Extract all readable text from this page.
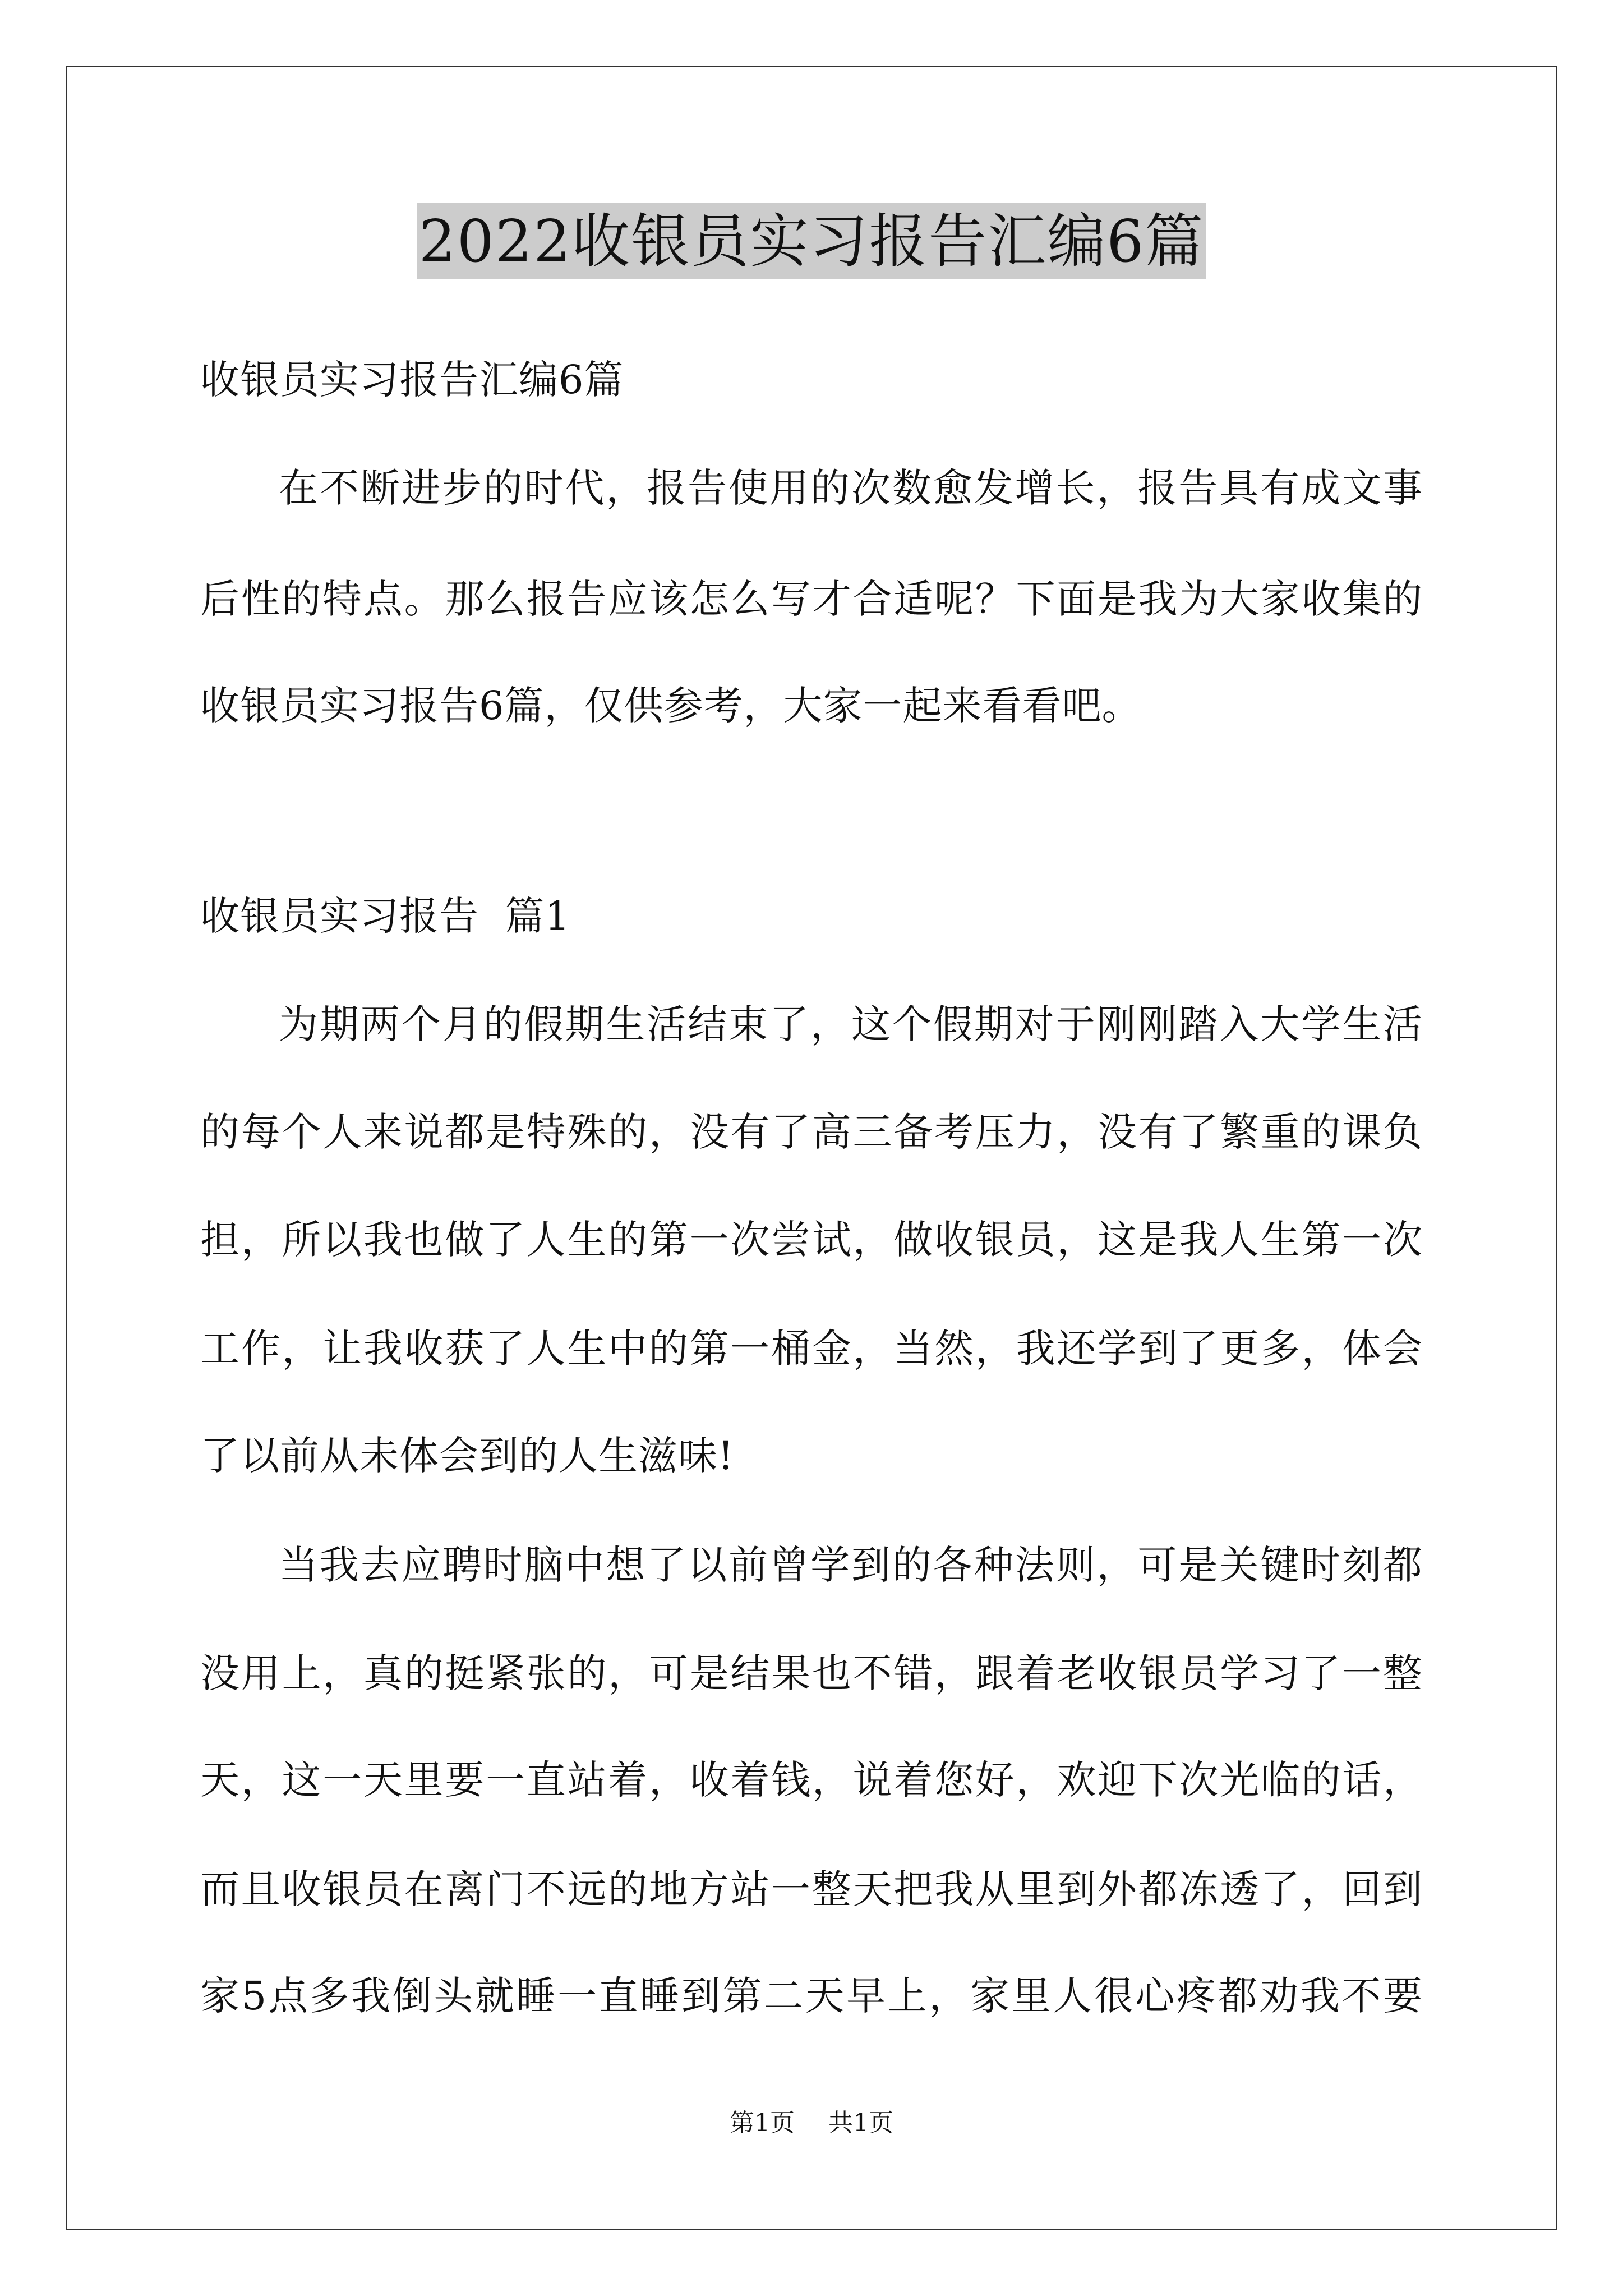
2022收银员实习报告汇编6篇
收银员实习报告汇编6篇
在不断进步的时代，报告使用的次数愈发增长，报告具有成文事
后性的特点。那么报告应该怎么写才合适呢？下面是我为大家收集的
收银员实习报告6篇，仅供参考，大家一起来看看吧。
收银员实习报告  篇1
为期两个月的假期生活结束了，这个假期对于刚刚踏入大学生活
的每个人来说都是特殊的，没有了高三备考压力，没有了繁重的课负
担，所以我也做了人生的第一次尝试，做收银员，这是我人生第一次
工作，让我收获了人生中的第一桶金，当然，我还学到了更多，体会
了以前从未体会到的人生滋味!
当我去应聘时脑中想了以前曾学到的各种法则，可是关键时刻都
没用上，真的挺紧张的，可是结果也不错，跟着老收银员学习了一整
天，这一天里要一直站着，收着钱，说着您好，欢迎下次光临的话，
而且收银员在离门不远的地方站一整天把我从里到外都冻透了，回到
家5点多我倒头就睡一直睡到第二天早上，家里人很心疼都劝我不要
第1页 共1页
